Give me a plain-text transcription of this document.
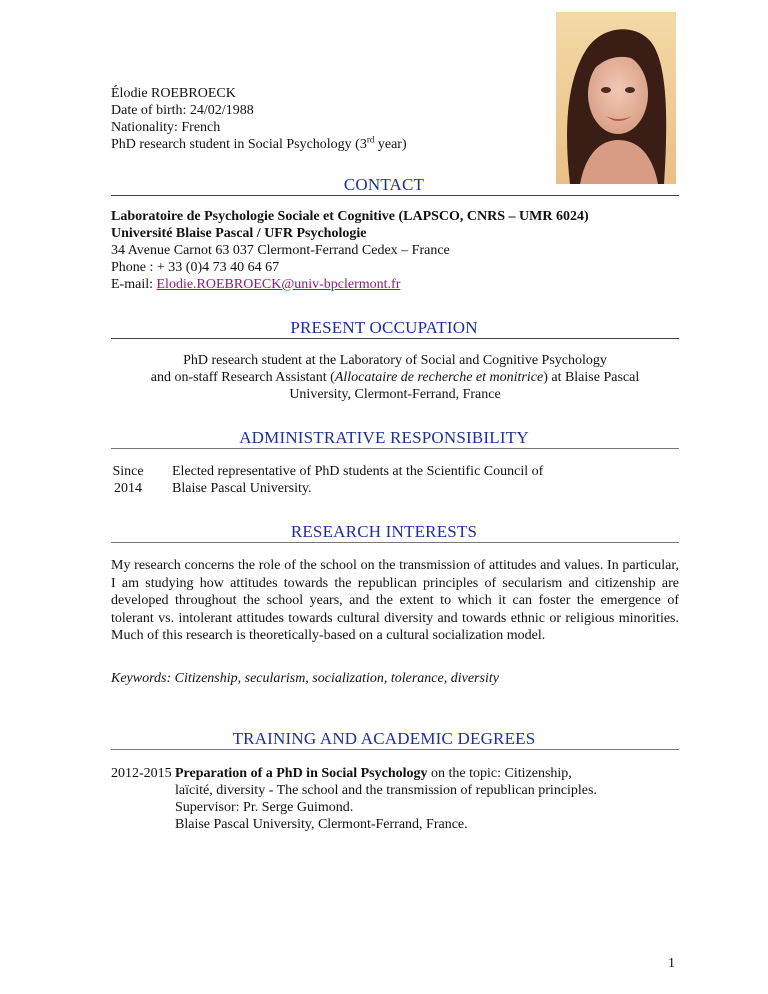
Élodie ROEBROECK
Date of birth: 24/02/1988
Nationality: French
PhD research student in Social Psychology (3rd year)
CONTACT
Laboratoire de Psychologie Sociale et Cognitive (LAPSCO, CNRS – UMR 6024)
Université Blaise Pascal / UFR Psychologie
34 Avenue Carnot 63 037 Clermont-Ferrand Cedex – France
Phone : + 33 (0)4 73 40 64 67
E-mail: Elodie.ROEBROECK@univ-bpclermont.fr
PRESENT OCCUPATION
PhD research student at the Laboratory of Social and Cognitive Psychology
and on-staff Research Assistant (Allocataire de recherche et monitrice) at Blaise Pascal
University, Clermont-Ferrand, France
ADMINISTRATIVE RESPONSIBILITY
Since
2014
Elected representative of PhD students at the Scientific Council of
Blaise Pascal University.
RESEARCH INTERESTS
My research concerns the role of the school on the transmission of attitudes and values. In particular, I am studying how attitudes towards the republican principles of secularism and citizenship are developed throughout the school years, and the extent to which it can foster the emergence of tolerant vs. intolerant attitudes towards cultural diversity and towards ethnic or religious minorities. Much of this research is theoretically-based on a cultural socialization model.
Keywords: Citizenship, secularism, socialization, tolerance, diversity
TRAINING AND ACADEMIC DEGREES
2012-2015 Preparation of a PhD in Social Psychology on the topic: Citizenship,
laïcité, diversity - The school and the transmission of republican principles.
Supervisor: Pr. Serge Guimond.
Blaise Pascal University, Clermont-Ferrand, France.
1
